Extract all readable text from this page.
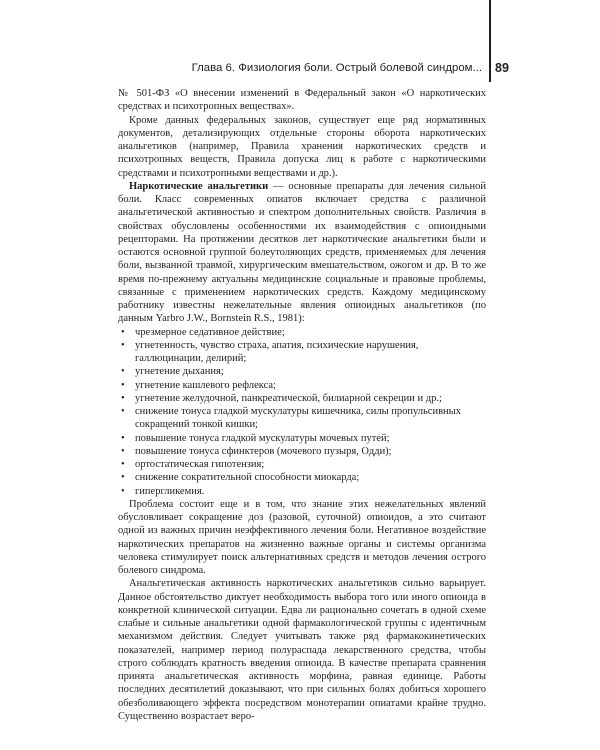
Глава 6. Физиология боли. Острый болевой синдром... 89

№ 501-ФЗ «О внесении изменений в Федеральный закон «О наркотических средствах и психотропных веществах».

Кроме данных федеральных законов, существует еще ряд нормативных документов, детализирующих отдельные стороны оборота наркотических анальгетиков (например, Правила хранения наркотических средств и психотропных веществ, Правила допуска лиц к работе с наркотическими средствами и психотропными веществами и др.).

Наркотические анальгетики — основные препараты для лечения сильной боли. Класс современных опиатов включает средства с различной анальгетической активностью и спектром дополнительных свойств. Различия в свойствах обусловлены особенностями их взаимодействия с опиоидными рецепторами. На протяжении десятков лет наркотические анальгетики были и остаются основной группой болеутоляющих средств, применяемых для лечения боли, вызванной травмой, хирургическим вмешательством, ожогом и др. В то же время по-прежнему актуальны медицинские социальные и правовые проблемы, связанные с применением наркотических средств. Каждому медицинскому работнику известны нежелательные явления опиоидных анальгетиков (по данным Yarbro J.W., Bornstein R.S., 1981):

• чрезмерное седативное действие;
• угнетенность, чувство страха, апатия, психические нарушения, галлюцинации, делирий;
• угнетение дыхания;
• угнетение кашлевого рефлекса;
• угнетение желудочной, панкреатической, билиарной секреции и др.;
• снижение тонуса гладкой мускулатуры кишечника, силы пропульсивных сокращений тонкой кишки;
• повышение тонуса гладкой мускулатуры мочевых путей;
• повышение тонуса сфинктеров (мочевого пузыря, Одди);
• ортостатическая гипотензия;
• снижение сократительной способности миокарда;
• гипергликемия.

Проблема состоит еще и в том, что знание этих нежелательных явлений обусловливает сокращение доз (разовой, суточной) опиоидов, а это считают одной из важных причин неэффективного лечения боли. Негативное воздействие наркотических препаратов на жизненно важные органы и системы организма человека стимулирует поиск альтернативных средств и методов лечения острого болевого синдрома.

Анальгетическая активность наркотических анальгетиков сильно варьирует. Данное обстоятельство диктует необходимость выбора того или иного опиоида в конкретной клинической ситуации. Едва ли рационально сочетать в одной схеме слабые и сильные анальгетики одной фармакологической группы с идентичным механизмом действия. Следует учитывать также ряд фармакокинетических показателей, например период полураспада лекарственного средства, чтобы строго соблюдать кратность введения опиоида. В качестве препарата сравнения принята анальгетическая активность морфина, равная единице. Работы последних десятилетий доказывают, что при сильных болях добиться хорошего обезболивающего эффекта посредством монотерапии опиатами крайне трудно. Существенно возрастает веро-
